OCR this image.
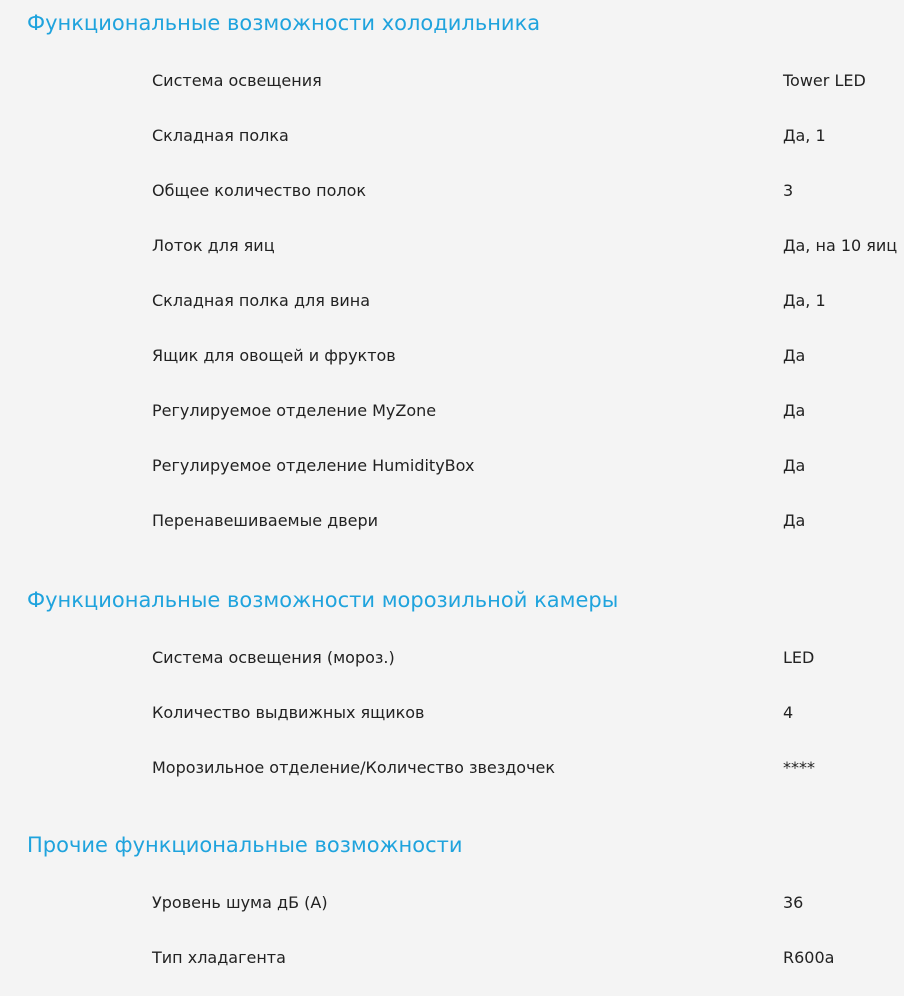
Функциональные возможности холодильника
Система освещения	Tower LED
Складная полка	Да, 1
Общее количество полок	3
Лоток для яиц	Да, на 10 яиц
Складная полка для вина	Да, 1
Ящик для овощей и фруктов	Да
Регулируемое отделение MyZone	Да
Регулируемое отделение HumidityBox	Да
Перенавешиваемые двери	Да
Функциональные возможности морозильной камеры
Система освещения (мороз.)	LED
Количество выдвижных ящиков	4
Морозильное отделение/Количество звездочек	****
Прочие функциональные возможности
Уровень шума дБ (A)	36
Тип хладагента	R600a
